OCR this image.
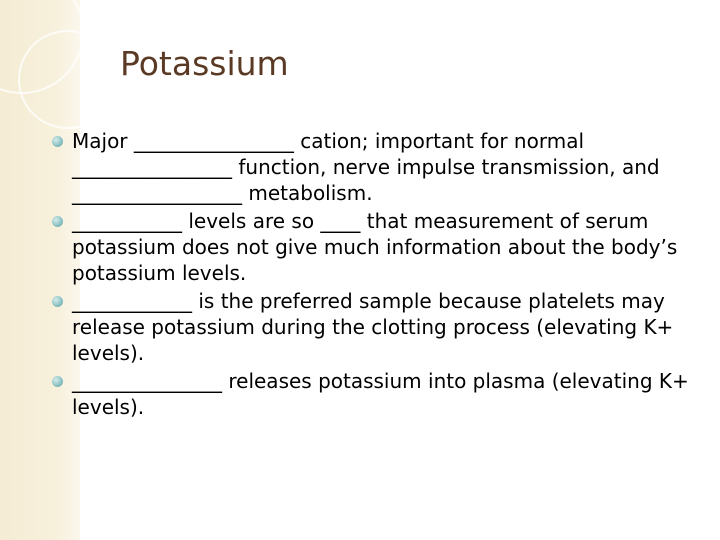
Potassium
Major ________________ cation; important for normal ________________ function, nerve impulse transmission, and _________________ metabolism.
___________ levels are so ____ that measurement of serum potassium does not give much information about the body’s potassium levels.
____________ is the preferred sample because platelets may release potassium during the clotting process (elevating K+ levels).
_______________ releases potassium into plasma (elevating K+ levels).
